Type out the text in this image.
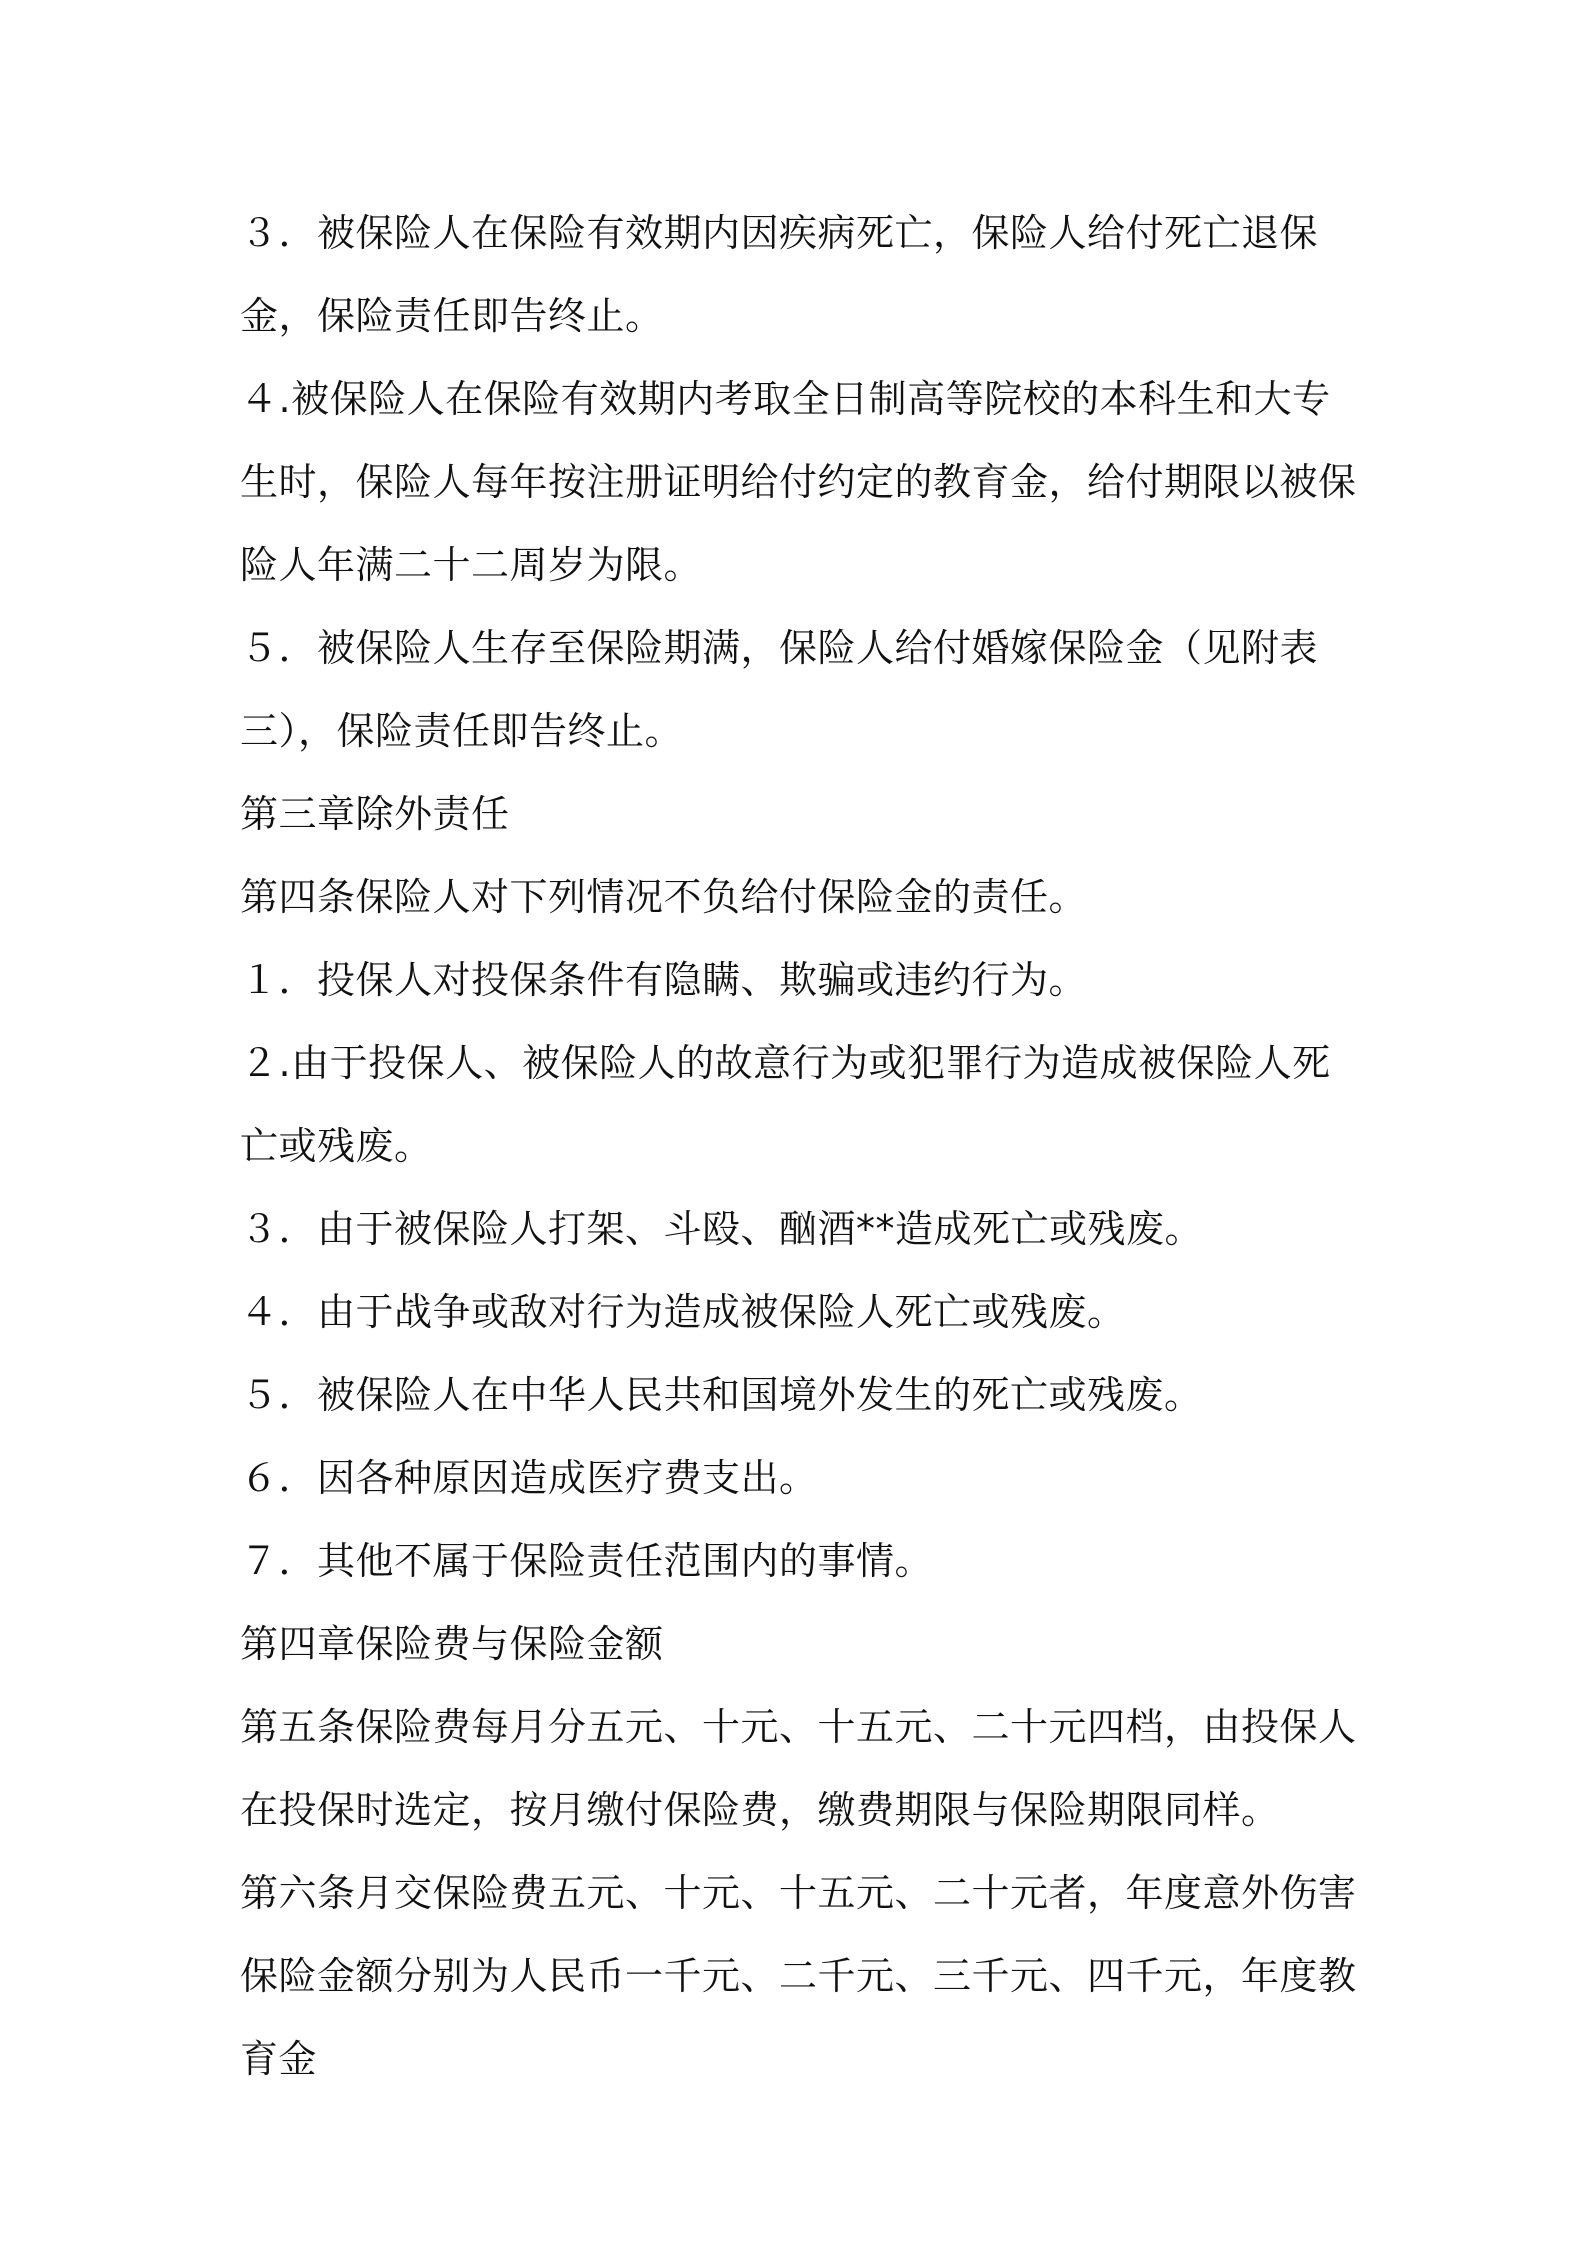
３．被保险人在保险有效期内因疾病死亡，保险人给付死亡退保金，保险责任即告终止。

４.被保险人在保险有效期内考取全日制高等院校的本科生和大专生时，保险人每年按注册证明给付约定的教育金，给付期限以被保险人年满二十二周岁为限。

５．被保险人生存至保险期满，保险人给付婚嫁保险金（见附表三），保险责任即告终止。

第三章除外责任

第四条保险人对下列情况不负给付保险金的责任。

１．投保人对投保条件有隐瞒、欺骗或违约行为。

２.由于投保人、被保险人的故意行为或犯罪行为造成被保险人死亡或残废。

３．由于被保险人打架、斗殴、酗酒**造成死亡或残废。

４．由于战争或敌对行为造成被保险人死亡或残废。

５．被保险人在中华人民共和国境外发生的死亡或残废。

６．因各种原因造成医疗费支出。

７．其他不属于保险责任范围内的事情。

第四章保险费与保险金额

第五条保险费每月分五元、十元、十五元、二十元四档，由投保人在投保时选定，按月缴付保险费，缴费期限与保险期限同样。

第六条月交保险费五元、十元、十五元、二十元者，年度意外伤害保险金额分别为人民币一千元、二千元、三千元、四千元，年度教育金
